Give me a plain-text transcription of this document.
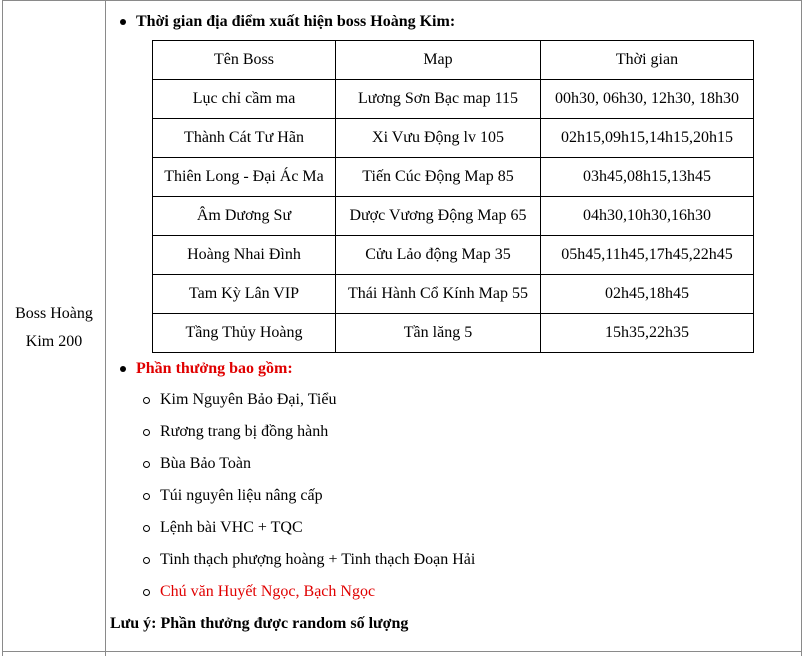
Boss Hoàng
Kim 200
Thời gian địa điểm xuất hiện boss Hoàng Kim:
Tên Boss	Map	Thời gian
Lục chỉ cầm ma	Lương Sơn Bạc map 115	00h30, 06h30, 12h30, 18h30
Thành Cát Tư Hãn	Xi Vưu Động lv 105	02h15,09h15,14h15,20h15
Thiên Long - Đại Ác Ma	Tiến Cúc Động Map 85	03h45,08h15,13h45
Âm Dương Sư	Dược Vương Động Map 65	04h30,10h30,16h30
Hoàng Nhai Đình	Cửu Lảo động Map 35	05h45,11h45,17h45,22h45
Tam Kỳ Lân VIP	Thái Hành Cổ Kính Map 55	02h45,18h45
Tầng Thủy Hoàng	Tần lăng 5	15h35,22h35
Phần thưởng bao gồm:
Kim Nguyên Bảo Đại, Tiểu
Rương trang bị đồng hành
Bùa Bảo Toàn
Túi nguyên liệu nâng cấp
Lệnh bài VHC + TQC
Tinh thạch phượng hoàng + Tinh thạch Đoạn Hải
Chú văn Huyết Ngọc, Bạch Ngọc
Lưu ý: Phần thưởng được random số lượng
